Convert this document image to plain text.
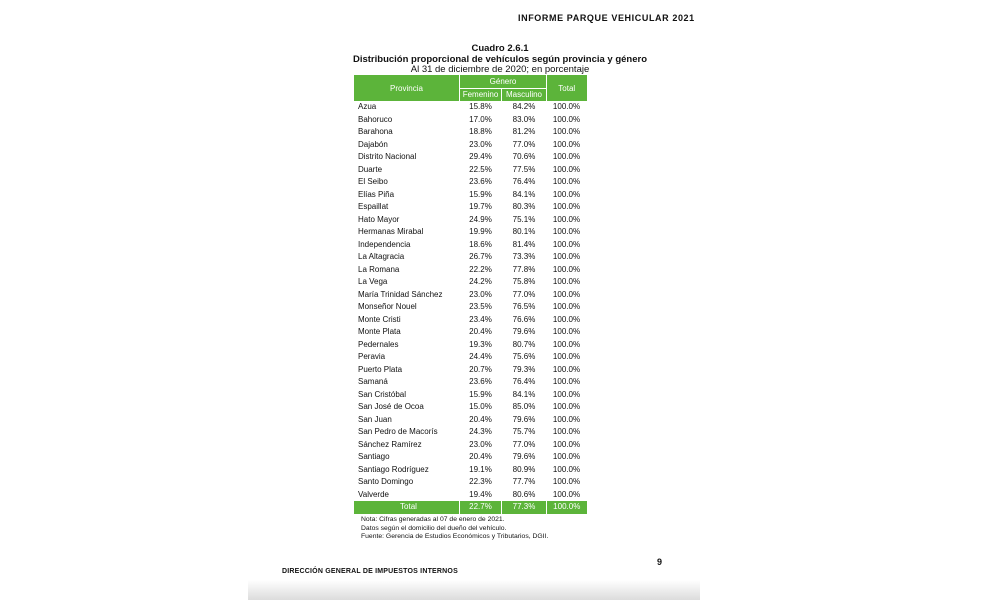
INFORME PARQUE VEHICULAR 2021
Cuadro 2.6.1
Distribución proporcional de vehículos según provincia y género
Al 31 de diciembre de 2020; en porcentaje
Provincia	Género		Total
	Femenino	Masculino	
Azua	15.8%	84.2%	100.0%
Bahoruco	17.0%	83.0%	100.0%
Barahona	18.8%	81.2%	100.0%
Dajabón	23.0%	77.0%	100.0%
Distrito Nacional	29.4%	70.6%	100.0%
Duarte	22.5%	77.5%	100.0%
El Seibo	23.6%	76.4%	100.0%
Elías Piña	15.9%	84.1%	100.0%
Espaillat	19.7%	80.3%	100.0%
Hato Mayor	24.9%	75.1%	100.0%
Hermanas Mirabal	19.9%	80.1%	100.0%
Independencia	18.6%	81.4%	100.0%
La Altagracia	26.7%	73.3%	100.0%
La Romana	22.2%	77.8%	100.0%
La Vega	24.2%	75.8%	100.0%
María Trinidad Sánchez	23.0%	77.0%	100.0%
Monseñor Nouel	23.5%	76.5%	100.0%
Monte Cristi	23.4%	76.6%	100.0%
Monte Plata	20.4%	79.6%	100.0%
Pedernales	19.3%	80.7%	100.0%
Peravia	24.4%	75.6%	100.0%
Puerto Plata	20.7%	79.3%	100.0%
Samaná	23.6%	76.4%	100.0%
San Cristóbal	15.9%	84.1%	100.0%
San José de Ocoa	15.0%	85.0%	100.0%
San Juan	20.4%	79.6%	100.0%
San Pedro de Macorís	24.3%	75.7%	100.0%
Sánchez Ramírez	23.0%	77.0%	100.0%
Santiago	20.4%	79.6%	100.0%
Santiago Rodríguez	19.1%	80.9%	100.0%
Santo Domingo	22.3%	77.7%	100.0%
Valverde	19.4%	80.6%	100.0%
Total	22.7%	77.3%	100.0%
Nota: Cifras generadas al 07 de enero de 2021.
Datos según el domicilio del dueño del vehículo.
Fuente: Gerencia de Estudios Económicos y Tributarios, DGII.
9
DIRECCIÓN GENERAL DE IMPUESTOS INTERNOS
